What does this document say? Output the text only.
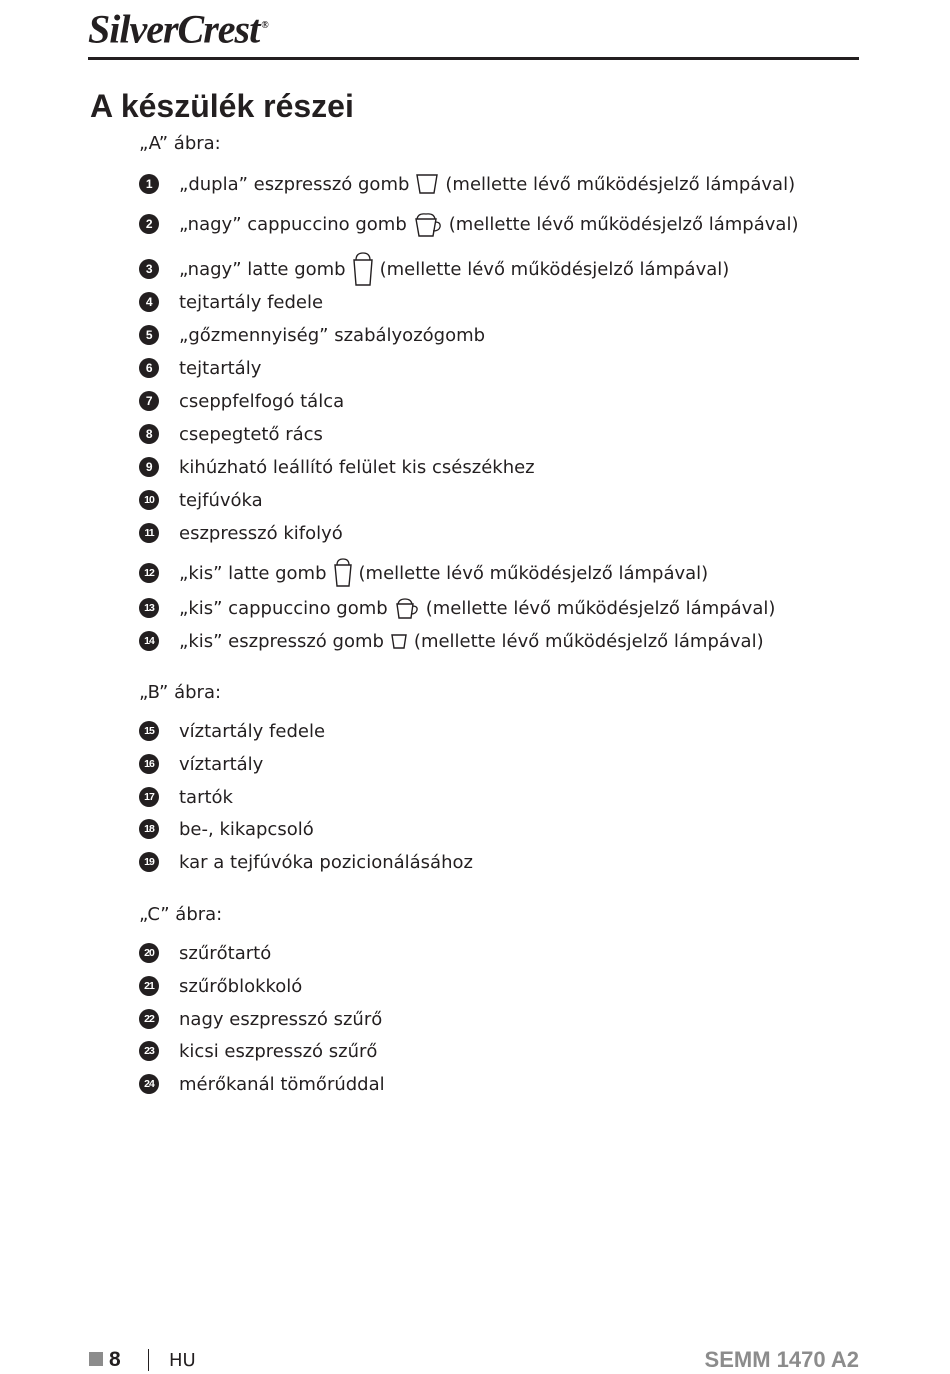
SilverCrest ®
A készülék részei
„A” ábra:
1	„dupla” eszpresszó gomb (mellette lévő működésjelző lámpával)
2	„nagy” cappuccino gomb (mellette lévő működésjelző lámpával)
3	„nagy” latte gomb (mellette lévő működésjelző lámpával)
4	tejtartály fedele
5	„gőzmennyiség” szabályozógomb
6	tejtartály
7	cseppfelfogó tálca
8	csepegtető rács
9	kihúzható leállító felület kis csészékhez
10 tejfúvóka
11	eszpresszó kifolyó
12 „kis” latte gomb (mellette lévő működésjelző lámpával)
13 „kis” cappuccino gomb (mellette lévő működésjelző lámpával)
14 „kis” eszpresszó gomb (mellette lévő működésjelző lámpával)
„B” ábra:
15 víztartály fedele
16 víztartály
17 tartók
18 be-, kikapcsoló
19 kar a tejfúvóka pozicionálásához
„C” ábra:
20 szűrőtartó
21 szűrőblokkoló
22 nagy eszpresszó szűrő
23 kicsi eszpresszó szűrő
24 mérőkanál tömőrúddal
8	HU	SEMM 1470 A2
